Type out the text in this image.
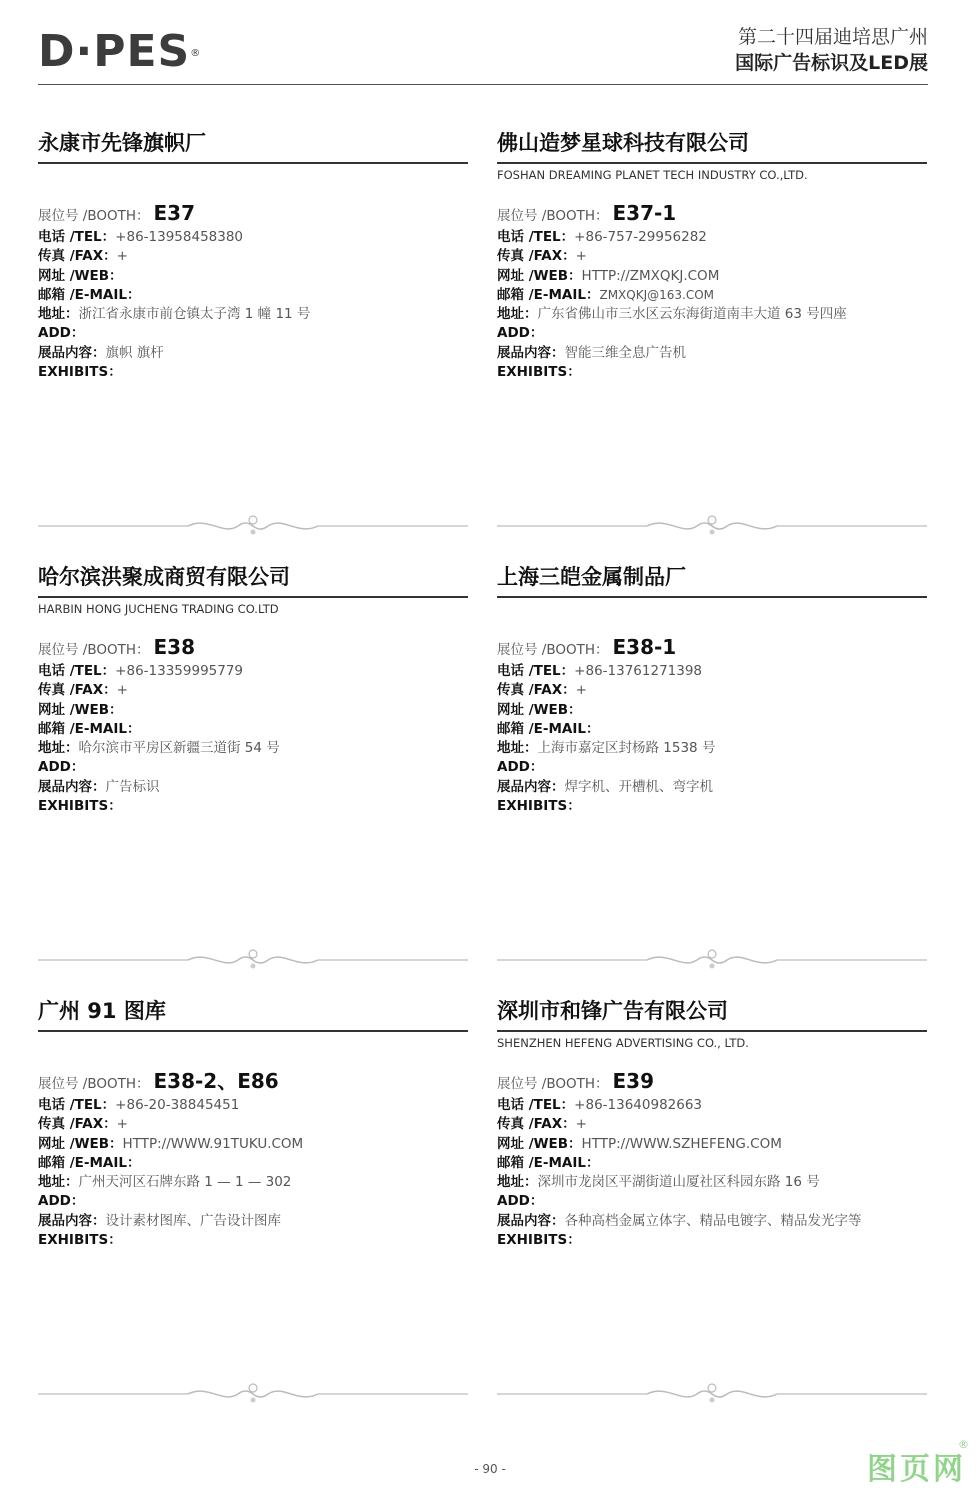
D·PES®
第二十四届迪培思广州
国际广告标识及LED展
永康市先锋旗帜厂
展位号 /BOOTH： E37
电话 /TEL：+86-13958458380
传真 /FAX：+
网址 /WEB：
邮箱 /E-MAIL：
地址：浙江省永康市前仓镇太子湾 1 幢 11 号
ADD：
展品内容：旗帜 旗杆
EXHIBITS：
佛山造梦星球科技有限公司
FOSHAN DREAMING PLANET TECH INDUSTRY CO.,LTD.
展位号 /BOOTH： E37-1
电话 /TEL：+86-757-29956282
传真 /FAX：+
网址 /WEB：HTTP://ZMXQKJ.COM
邮箱 /E-MAIL：ZMXQKJ@163.COM
地址：广东省佛山市三水区云东海街道南丰大道 63 号四座
ADD：
展品内容：智能三维全息广告机
EXHIBITS：
哈尔滨洪聚成商贸有限公司
HARBIN HONG JUCHENG TRADING CO.LTD
展位号 /BOOTH： E38
电话 /TEL：+86-13359995779
传真 /FAX：+
网址 /WEB：
邮箱 /E-MAIL：
地址：哈尔滨市平房区新疆三道街 54 号
ADD：
展品内容：广告标识
EXHIBITS：
上海三皑金属制品厂
展位号 /BOOTH： E38-1
电话 /TEL：+86-13761271398
传真 /FAX：+
网址 /WEB：
邮箱 /E-MAIL：
地址：上海市嘉定区封杨路 1538 号
ADD：
展品内容：焊字机、开槽机、弯字机
EXHIBITS：
广州 91 图库
展位号 /BOOTH： E38-2、E86
电话 /TEL：+86-20-38845451
传真 /FAX：+
网址 /WEB：HTTP://WWW.91TUKU.COM
邮箱 /E-MAIL：
地址：广州天河区石牌东路 1 — 1 — 302
ADD：
展品内容：设计素材图库、广告设计图库
EXHIBITS：
深圳市和锋广告有限公司
SHENZHEN HEFENG ADVERTISING CO., LTD.
展位号 /BOOTH： E39
电话 /TEL：+86-13640982663
传真 /FAX：+
网址 /WEB：HTTP://WWW.SZHEFENG.COM
邮箱 /E-MAIL：
地址：深圳市龙岗区平湖街道山厦社区科园东路 16 号
ADD：
展品内容：各种高档金属立体字、精品电镀字、精品发光字等
EXHIBITS：
- 90 -	图页网
®
